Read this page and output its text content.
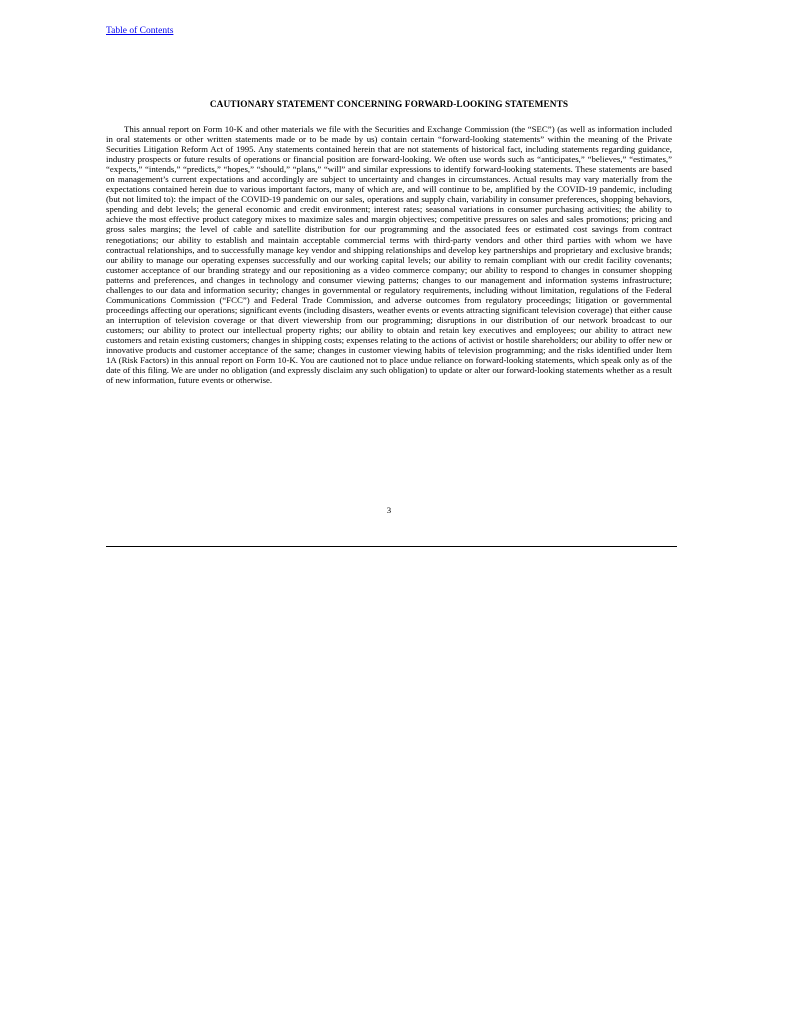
Table of Contents
CAUTIONARY STATEMENT CONCERNING FORWARD-LOOKING STATEMENTS

This annual report on Form 10-K and other materials we file with the Securities and Exchange Commission (the “SEC”) (as well as information included in oral statements or other written statements made or to be made by us) contain certain “forward-looking statements” within the meaning of the Private Securities Litigation Reform Act of 1995. Any statements contained herein that are not statements of historical fact, including statements regarding guidance, industry prospects or future results of operations or financial position are forward-looking. We often use words such as “anticipates,” “believes,” “estimates,” “expects,” “intends,” “predicts,” “hopes,” “should,” “plans,” “will” and similar expressions to identify forward-looking statements. These statements are based on management’s current expectations and accordingly are subject to uncertainty and changes in circumstances. Actual results may vary materially from the expectations contained herein due to various important factors, many of which are, and will continue to be, amplified by the COVID-19 pandemic, including (but not limited to): the impact of the COVID-19 pandemic on our sales, operations and supply chain, variability in consumer preferences, shopping behaviors, spending and debt levels; the general economic and credit environment; interest rates; seasonal variations in consumer purchasing activities; the ability to achieve the most effective product category mixes to maximize sales and margin objectives; competitive pressures on sales and sales promotions; pricing and gross sales margins; the level of cable and satellite distribution for our programming and the associated fees or estimated cost savings from contract renegotiations; our ability to establish and maintain acceptable commercial terms with third-party vendors and other third parties with whom we have contractual relationships, and to successfully manage key vendor and shipping relationships and develop key partnerships and proprietary and exclusive brands; our ability to manage our operating expenses successfully and our working capital levels; our ability to remain compliant with our credit facility covenants; customer acceptance of our branding strategy and our repositioning as a video commerce company; our ability to respond to changes in consumer shopping patterns and preferences, and changes in technology and consumer viewing patterns; changes to our management and information systems infrastructure; challenges to our data and information security; changes in governmental or regulatory requirements, including without limitation, regulations of the Federal Communications Commission (“FCC”) and Federal Trade Commission, and adverse outcomes from regulatory proceedings; litigation or governmental proceedings affecting our operations; significant events (including disasters, weather events or events attracting significant television coverage) that either cause an interruption of television coverage or that divert viewership from our programming; disruptions in our distribution of our network broadcast to our customers; our ability to protect our intellectual property rights; our ability to obtain and retain key executives and employees; our ability to attract new customers and retain existing customers; changes in shipping costs; expenses relating to the actions of activist or hostile shareholders; our ability to offer new or innovative products and customer acceptance of the same; changes in customer viewing habits of television programming; and the risks identified under Item 1A (Risk Factors) in this annual report on Form 10-K. You are cautioned not to place undue reliance on forward-looking statements, which speak only as of the date of this filing. We are under no obligation (and expressly disclaim any such obligation) to update or alter our forward-looking statements whether as a result of new information, future events or otherwise.

3
